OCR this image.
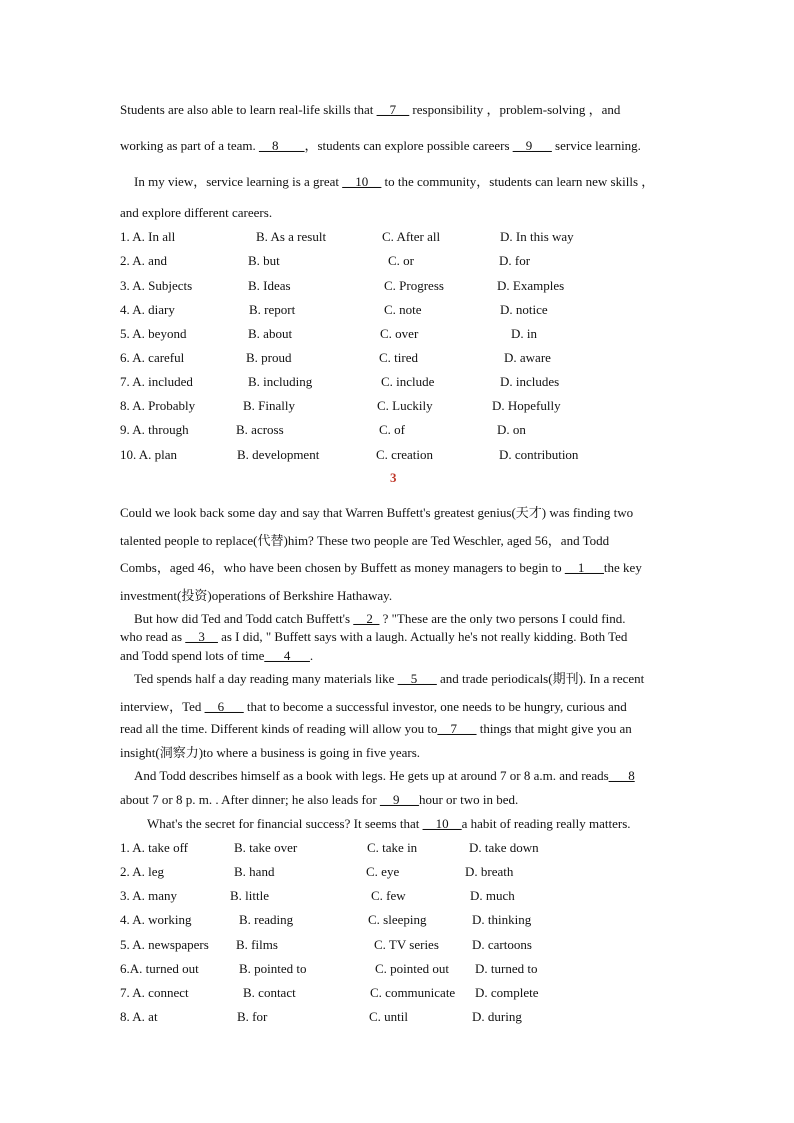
Students are also able to learn real-life skills that __7__ responsibility ，problem-solving ，and
working as part of a team. __8____，students can explore possible careers __9___ service learning.
In my view，service learning is a great __10__ to the community，students can learn new skills ，
and explore different careers.
1. A. In all	B. As a result	C. After all	D. In this way
2. A. and	B. but	C. or	D. for
3. A. Subjects	B. Ideas	C. Progress	D. Examples
4. A. diary	B. report	C. note	D. notice
5. A. beyond	B. about	C. over	D. in
6. A. careful	B. proud	C. tired	D. aware
7. A. included	B. including	C. include	D. includes
8. A. Probably	B. Finally	C. Luckily	D. Hopefully
9. A. through	B. across	C. of	D. on
10. A. plan	B. development	C. creation	D. contribution
3
Could we look back some day and say that Warren Buffett's greatest genius(天才) was finding two
talented people to replace(代替)him? These two people are Ted Weschler, aged 56，and Todd
Combs，aged 46，who have been chosen by Buffett as money managers to begin to __1___the key
investment(投资)operations of Berkshire Hathaway.
But how did Ted and Todd catch Buffett's __2_ ? "These are the only two persons I could find.
who read as __3__ as I did, " Buffett says with a laugh. Actually he's not really kidding. Both Ted
and Todd spend lots of time___4___.
Ted spends half a day reading many materials like __5___ and trade periodicals(期刊). In a recent
interview，Ted __6___ that to become a successful investor, one needs to be hungry, curious and
read all the time. Different kinds of reading will allow you to__7___ things that might give you an
insight(洞察力)to where a business is going in five years.
And Todd describes himself as a book with legs. He gets up at around 7 or 8 a.m. and reads___8
about 7 or 8 p. m. . After dinner; he also leads for __9___hour or two in bed.
What's the secret for financial success? It seems that __10__a habit of reading really matters.
1. A. take off	B. take over	C. take in	D. take down
2. A. leg	B. hand	C. eye	D. breath
3. A. many	B. little	C. few	D. much
4. A. working	B. reading	C. sleeping	D. thinking
5. A. newspapers B. films	C. TV series	D. cartoons
6.A. turned out	B. pointed to	C. pointed out D. turned to
7. A. connect	B. contact	C. communicate D. complete
8. A. at	B. for	C. until	D. during
